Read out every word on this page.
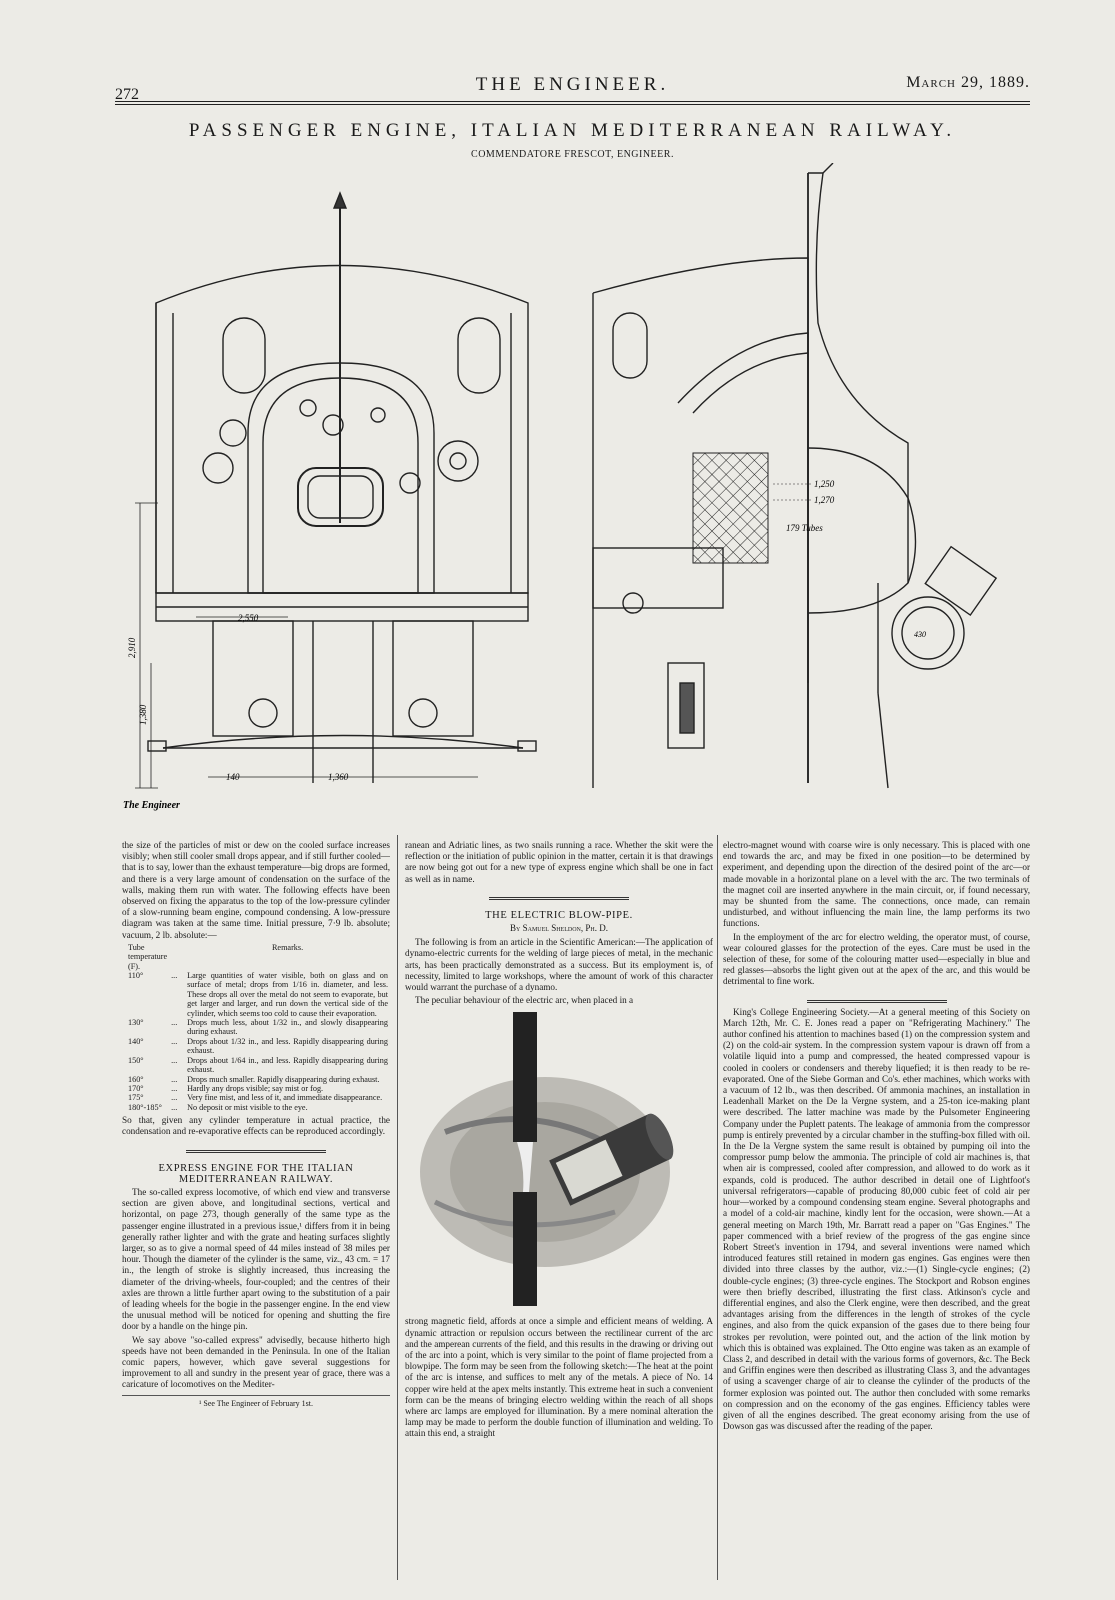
272	THE ENGINEER.	March 29, 1889.
PASSENGER ENGINE, ITALIAN MEDITERRANEAN RAILWAY.
COMMENDATORE FRESCOT, ENGINEER.
2,550
2,910
1,380
140	1,360
The Engineer
1,250
1,270
179 Tubes
430

the size of the particles of mist or dew on the cooled surface increases visibly; when still cooler small drops appear, and if still further cooled—that is to say, lower than the exhaust temperature—big drops are formed, and there is a very large amount of condensation on the surface of the walls, making them run with water. The following effects have been observed on fixing the apparatus to the top of the low-pressure cylinder of a slow-running beam engine, compound condensing. A low-pressure diagram was taken at the same time. Initial pressure, 7·9 lb. absolute; vacuum, 2 lb. absolute:—

Tube temperature (F).		Remarks.
110°	...	Large quantities of water visible, both on glass and on surface of metal; drops from 1/16 in. diameter, and less. These drops all over the metal do not seem to evaporate, but get larger and larger, and run down the vertical side of the cylinder, which seems too cold to cause their evaporation.
130°	...	Drops much less, about 1/32 in., and slowly disappearing during exhaust.
140°	...	Drops about 1/32 in., and less. Rapidly disappearing during exhaust.
150°	...	Drops about 1/64 in., and less. Rapidly disappearing during exhaust.
160°	...	Drops much smaller. Rapidly disappearing during exhaust.
170°	...	Hardly any drops visible; say mist or fog.
175°	...	Very fine mist, and less of it, and immediate disappearance.
180°-185°	...	No deposit or mist visible to the eye.

So that, given any cylinder temperature in actual practice, the condensation and re-evaporative effects can be reproduced accordingly.

EXPRESS ENGINE FOR THE ITALIAN MEDITERRANEAN RAILWAY.

The so-called express locomotive, of which end view and transverse section are given above, and longitudinal sections, vertical and horizontal, on page 273, though generally of the same type as the passenger engine illustrated in a previous issue,¹ differs from it in being generally rather lighter and with the grate and heating surfaces slightly larger, so as to give a normal speed of 44 miles instead of 38 miles per hour. Though the diameter of the cylinder is the same, viz., 43 cm. = 17 in., the length of stroke is slightly increased, thus increasing the diameter of the driving-wheels, four-coupled; and the centres of their axles are thrown a little further apart owing to the substitution of a pair of leading wheels for the bogie in the passenger engine. In the end view the unusual method will be noticed for opening and shutting the fire door by a handle on the hinge pin.

We say above "so-called express" advisedly, because hitherto high speeds have not been demanded in the Peninsula. In one of the Italian comic papers, however, which gave several suggestions for improvement to all and sundry in the present year of grace, there was a caricature of locomotives on the Mediter-

¹ See The Engineer of February 1st.

ranean and Adriatic lines, as two snails running a race. Whether the skit were the reflection or the initiation of public opinion in the matter, certain it is that drawings are now being got out for a new type of express engine which shall be one in fact as well as in name.

THE ELECTRIC BLOW-PIPE.
By Samuel Sheldon, Ph. D.

The following is from an article in the Scientific American:—The application of dynamo-electric currents for the welding of large pieces of metal, in the mechanic arts, has been practically demonstrated as a success. But its employment is, of necessity, limited to large workshops, where the amount of work of this character would warrant the purchase of a dynamo.

The peculiar behaviour of the electric arc, when placed in a

strong magnetic field, affords at once a simple and efficient means of welding. A dynamic attraction or repulsion occurs between the rectilinear current of the arc and the amperean currents of the field, and this results in the drawing or driving out of the arc into a point, which is very similar to the point of flame projected from a blowpipe. The form may be seen from the following sketch:—The heat at the point of the arc is intense, and suffices to melt any of the metals. A piece of No. 14 copper wire held at the apex melts instantly. This extreme heat in such a convenient form can be the means of bringing electro welding within the reach of all shops where arc lamps are employed for illumination. By a mere nominal alteration the lamp may be made to perform the double function of illumination and welding. To attain this end, a straight

electro-magnet wound with coarse wire is only necessary. This is placed with one end towards the arc, and may be fixed in one position—to be determined by experiment, and depending upon the direction of the desired point of the arc—or made movable in a horizontal plane on a level with the arc. The two terminals of the magnet coil are inserted anywhere in the main circuit, or, if found necessary, may be shunted from the same. The connections, once made, can remain undisturbed, and without influencing the main line, the lamp performs its two functions.

In the employment of the arc for electro welding, the operator must, of course, wear coloured glasses for the protection of the eyes. Care must be used in the selection of these, for some of the colouring matter used—especially in blue and red glasses—absorbs the light given out at the apex of the arc, and this would be detrimental to fine work.

King's College Engineering Society.—At a general meeting of this Society on March 12th, Mr. C. E. Jones read a paper on "Refrigerating Machinery." The author confined his attention to machines based (1) on the compression system and (2) on the cold-air system. In the compression system vapour is drawn off from a volatile liquid into a pump and compressed, the heated compressed vapour is cooled in coolers or condensers and thereby liquefied; it is then ready to be re-evaporated. One of the Siebe Gorman and Co's. ether machines, which works with a vacuum of 12 lb., was then described. Of ammonia machines, an installation in Leadenhall Market on the De la Vergne system, and a 25-ton ice-making plant were described. The latter machine was made by the Pulsometer Engineering Company under the Puplett patents. The leakage of ammonia from the compressor pump is entirely prevented by a circular chamber in the stuffing-box filled with oil. In the De la Vergne system the same result is obtained by pumping oil into the compressor pump below the ammonia. The principle of cold air machines is, that when air is compressed, cooled after compression, and allowed to do work as it expands, cold is produced. The author described in detail one of Lightfoot's universal refrigerators—capable of producing 80,000 cubic feet of cold air per hour—worked by a compound condensing steam engine. Several photographs and a model of a cold-air machine, kindly lent for the occasion, were shown.—At a general meeting on March 19th, Mr. Barratt read a paper on "Gas Engines." The paper commenced with a brief review of the progress of the gas engine since Robert Street's invention in 1794, and several inventions were named which introduced features still retained in modern gas engines. Gas engines were then divided into three classes by the author, viz.:—(1) Single-cycle engines; (2) double-cycle engines; (3) three-cycle engines. The Stockport and Robson engines were then briefly described, illustrating the first class. Atkinson's cycle and differential engines, and also the Clerk engine, were then described, and the great advantages arising from the differences in the length of strokes of the cycle engines, and also from the quick expansion of the gases due to there being four strokes per revolution, were pointed out, and the action of the link motion by which this is obtained was explained. The Otto engine was taken as an example of Class 2, and described in detail with the various forms of governors, &c. The Beck and Griffin engines were then described as illustrating Class 3, and the advantages of using a scavenger charge of air to cleanse the cylinder of the products of the former explosion was pointed out. The author then concluded with some remarks on compression and on the economy of the gas engines. Efficiency tables were given of all the engines described. The great economy arising from the use of Dowson gas was discussed after the reading of the paper.
